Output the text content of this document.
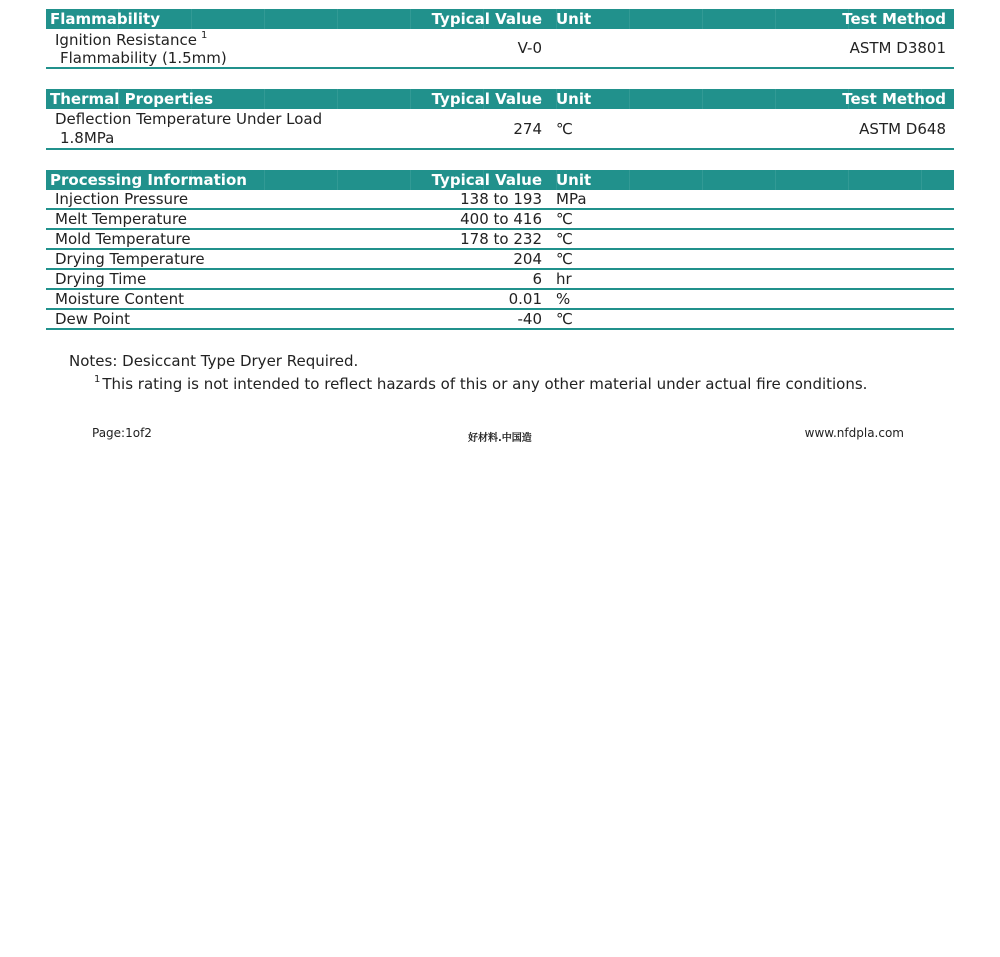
Flammability	Typical Value Unit	Test Method
Ignition Resistance $^1$
Flammability (1.5mm)
V-0	ASTM D3801
Thermal Properties	Typical Value Unit	Test Method
Deflection Temperature Under Load
1.8MPa	274 ℃	ASTM D648
Processing Information	Typical Value Unit
Injection Pressure	138 to 193 MPa
Melt Temperature	400 to 416 ℃
Mold Temperature	178 to 232 ℃
Drying Temperature	204 ℃
Drying Time	6 hr
Moisture Content	0.01 %
Dew Point	-40 ℃
Notes: Desiccant Type Dryer Required.
$^1$ This rating is not intended to reflect hazards of this or any other material under actual fire conditions.
Page:1of2	好材料.中国造	www.nfdpla.com
